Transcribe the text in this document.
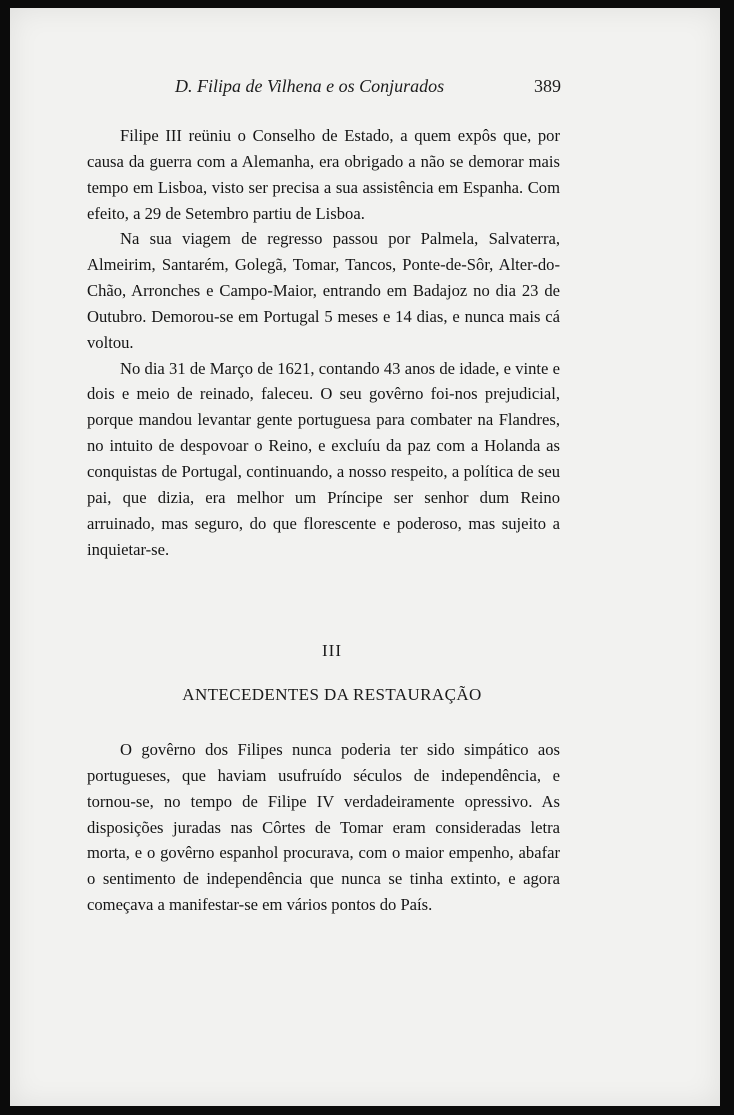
D. Filipa de Vilhena e os Conjurados	389

Filipe III reüniu o Conselho de Estado, a quem expôs que, por causa da guerra com a Alemanha, era obrigado a não se demorar mais tempo em Lisboa, visto ser precisa a sua assistência em Espanha. Com efeito, a 29 de Setembro partiu de Lisboa.

Na sua viagem de regresso passou por Palmela, Salvaterra, Almeirim, Santarém, Golegã, Tomar, Tancos, Ponte-de-Sôr, Alter-do-Chão, Arronches e Campo-Maior, entrando em Badajoz no dia 23 de Outubro. Demorou-se em Portugal 5 meses e 14 dias, e nunca mais cá voltou.

No dia 31 de Março de 1621, contando 43 anos de idade, e vinte e dois e meio de reinado, faleceu. O seu govêrno foi-nos prejudicial, porque mandou levantar gente portuguesa para combater na Flandres, no intuito de despovoar o Reino, e excluíu da paz com a Holanda as conquistas de Portugal, continuando, a nosso respeito, a política de seu pai, que dizia, era melhor um Príncipe ser senhor dum Reino arruinado, mas seguro, do que florescente e poderoso, mas sujeito a inquietar-se.

III
ANTECEDENTES DA RESTAURAÇÃO

O govêrno dos Filipes nunca poderia ter sido simpático aos portugueses, que haviam usufruído séculos de independência, e tornou-se, no tempo de Filipe IV verdadeiramente opressivo. As disposições juradas nas Côrtes de Tomar eram consideradas letra morta, e o govêrno espanhol procurava, com o maior empenho, abafar o sentimento de independência que nunca se tinha extinto, e agora começava a manifestar-se em vários pontos do País.
